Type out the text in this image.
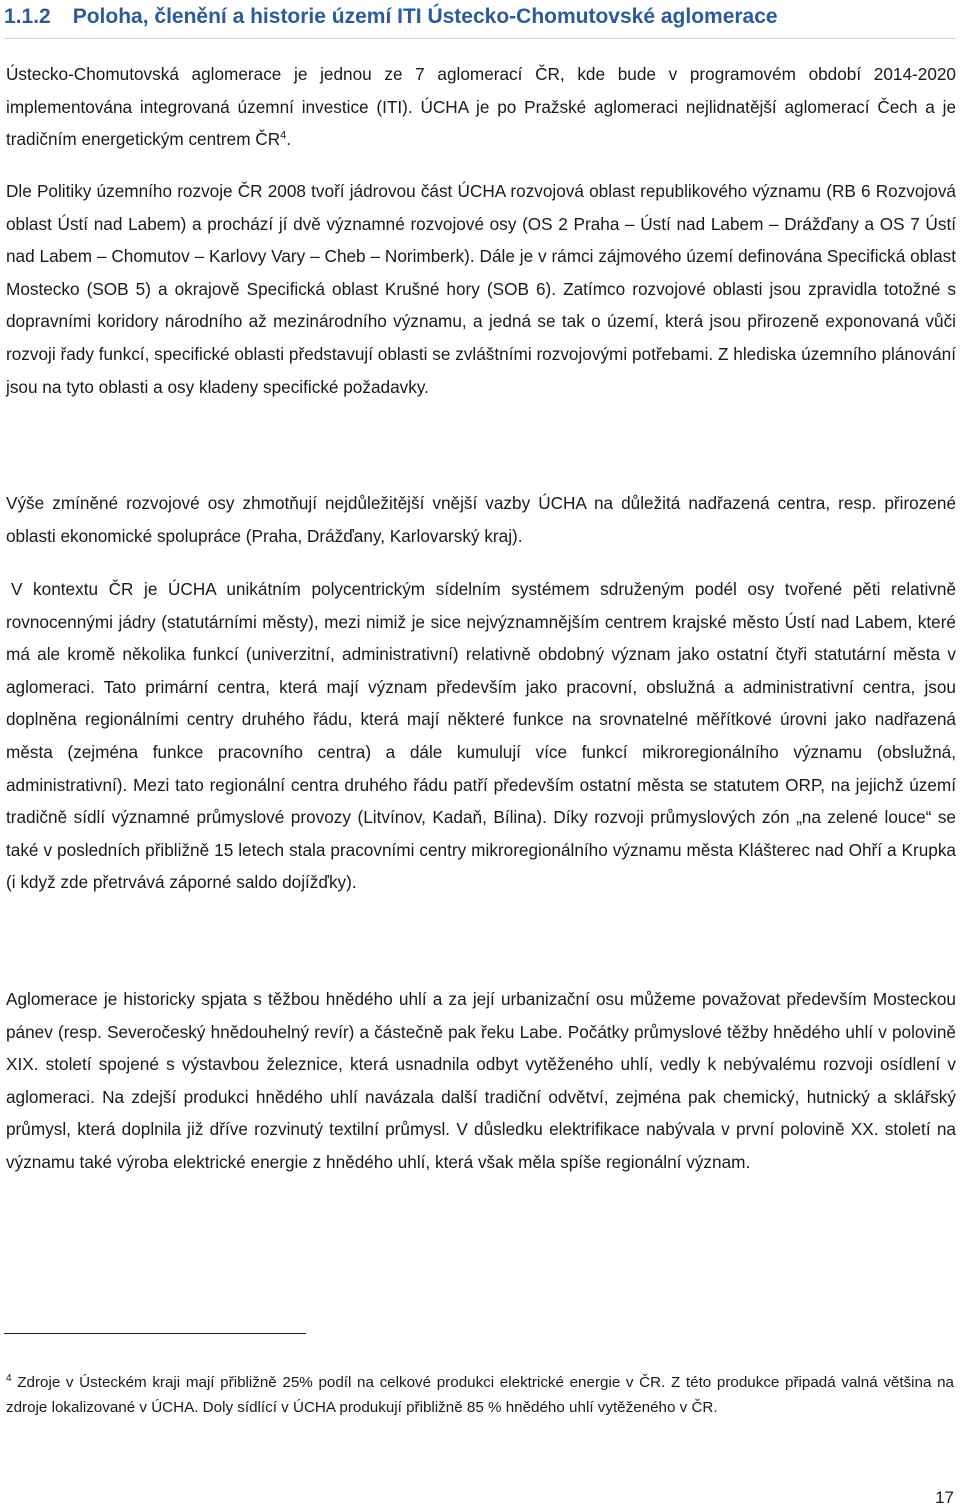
1.1.2 Poloha, členění a historie území ITI Ústecko-Chomutovské aglomerace

Ústecko-Chomutovská aglomerace je jednou ze 7 aglomerací ČR, kde bude v programovém období 2014-2020 implementována integrovaná územní investice (ITI). ÚCHA je po Pražské aglomeraci nejlidnatější aglomerací Čech a je tradičním energetickým centrem $ČR^4$.

Dle Politiky územního rozvoje ČR 2008 tvoří jádrovou část ÚCHA rozvojová oblast republikového významu (RB 6 Rozvojová oblast Ústí nad Labem) a prochází jí dvě významné rozvojové osy (OS 2 Praha – Ústí nad Labem – Drážďany a OS 7 Ústí nad Labem – Chomutov – Karlovy Vary – Cheb – Norimberk). Dále je v rámci zájmového území definována Specifická oblast Mostecko (SOB 5) a okrajově Specifická oblast Krušné hory (SOB 6). Zatímco rozvojové oblasti jsou zpravidla totožné s dopravními koridory národního až mezinárodního významu, a jedná se tak o území, která jsou přirozeně exponovaná vůči rozvoji řady funkcí, specifické oblasti představují oblasti se zvláštními rozvojovými potřebami. Z hlediska územního plánování jsou na tyto oblasti a osy kladeny specifické požadavky.

Výše zmíněné rozvojové osy zhmotňují nejdůležitější vnější vazby ÚCHA na důležitá nadřazená centra, resp. přirozené oblasti ekonomické spolupráce (Praha, Drážďany, Karlovarský kraj).

V kontextu ČR je ÚCHA unikátním polycentrickým sídelním systémem sdruženým podél osy tvořené pěti relativně rovnocennými jádry (statutárními městy), mezi nimiž je sice nejvýznamnějším centrem krajské město Ústí nad Labem, které má ale kromě několika funkcí (univerzitní, administrativní) relativně obdobný význam jako ostatní čtyři statutární města v aglomeraci. Tato primární centra, která mají význam především jako pracovní, obslužná a administrativní centra, jsou doplněna regionálními centry druhého řádu, která mají některé funkce na srovnatelné měřítkové úrovni jako nadřazená města (zejména funkce pracovního centra) a dále kumulují více funkcí mikroregionálního významu (obslužná, administrativní). Mezi tato regionální centra druhého řádu patří především ostatní města se statutem ORP, na jejichž území tradičně sídlí významné průmyslové provozy (Litvínov, Kadaň, Bílina). Díky rozvoji průmyslových zón „na zelené louce“ se také v posledních přibližně 15 letech stala pracovními centry mikroregionálního významu města Klášterec nad Ohří a Krupka (i když zde přetrvává záporné saldo dojížďky).

Aglomerace je historicky spjata s těžbou hnědého uhlí a za její urbanizační osu můžeme považovat především Mosteckou pánev (resp. Severočeský hnědouhelný revír) a částečně pak řeku Labe. Počátky průmyslové těžby hnědého uhlí v polovině XIX. století spojené s výstavbou železnice, která usnadnila odbyt vytěženého uhlí, vedly k nebývalému rozvoji osídlení v aglomeraci. Na zdejší produkci hnědého uhlí navázala další tradiční odvětví, zejména pak chemický, hutnický a sklářský průmysl, která doplnila již dříve rozvinutý textilní průmysl. V důsledku elektrifikace nabývala v první polovině XX. století na významu také výroba elektrické energie z hnědého uhlí, která však měla spíše regionální význam.

$^4$ Zdroje v Ústeckém kraji mají přibližně 25% podíl na celkové produkci elektrické energie v ČR. Z této produkce připadá valná většina na zdroje lokalizované v ÚCHA. Doly sídlící v ÚCHA produkují přibližně 85 % hnědého uhlí vytěženého v ČR.

17
